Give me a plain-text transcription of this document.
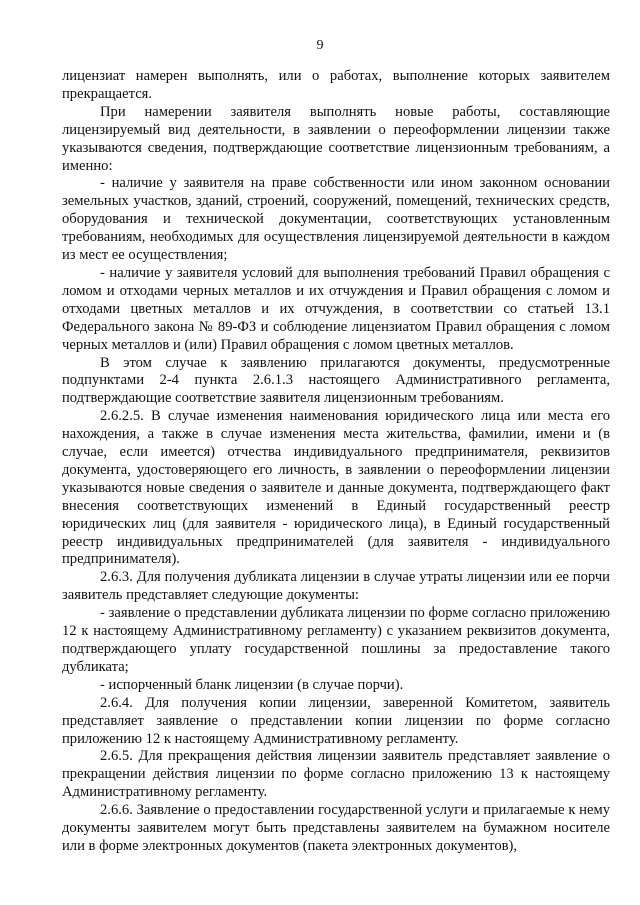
9

лицензиат намерен выполнять, или о работах, выполнение которых заявителем прекращается.

При намерении заявителя выполнять новые работы, составляющие лицензируемый вид деятельности, в заявлении о переоформлении лицензии также указываются сведения, подтверждающие соответствие лицензионным требованиям, а именно:

- наличие у заявителя на праве собственности или ином законном основании земельных участков, зданий, строений, сооружений, помещений, технических средств, оборудования и технической документации, соответствующих установленным требованиям, необходимых для осуществления лицензируемой деятельности в каждом из мест ее осуществления;

- наличие у заявителя условий для выполнения требований Правил обращения с ломом и отходами черных металлов и их отчуждения и Правил обращения с ломом и отходами цветных металлов и их отчуждения, в соответствии со статьей 13.1 Федерального закона № 89-ФЗ и соблюдение лицензиатом Правил обращения с ломом черных металлов и (или) Правил обращения с ломом цветных металлов.

В этом случае к заявлению прилагаются документы, предусмотренные подпунктами 2-4 пункта 2.6.1.3 настоящего Административного регламента, подтверждающие соответствие заявителя лицензионным требованиям.

2.6.2.5. В случае изменения наименования юридического лица или места его нахождения, а также в случае изменения места жительства, фамилии, имени и (в случае, если имеется) отчества индивидуального предпринимателя, реквизитов документа, удостоверяющего его личность, в заявлении о переоформлении лицензии указываются новые сведения о заявителе и данные документа, подтверждающего факт внесения соответствующих изменений в Единый государственный реестр юридических лиц (для заявителя - юридического лица), в Единый государственный реестр индивидуальных предпринимателей (для заявителя - индивидуального предпринимателя).

2.6.3. Для получения дубликата лицензии в случае утраты лицензии или ее порчи заявитель представляет следующие документы:

- заявление о представлении дубликата лицензии по форме согласно приложению 12 к настоящему Административному регламенту) с указанием реквизитов документа, подтверждающего уплату государственной пошлины за предоставление такого дубликата;

- испорченный бланк лицензии (в случае порчи).

2.6.4. Для получения копии лицензии, заверенной Комитетом, заявитель представляет заявление о представлении копии лицензии по форме согласно приложению 12 к настоящему Административному регламенту.

2.6.5. Для прекращения действия лицензии заявитель представляет заявление о прекращении действия лицензии по форме согласно приложению 13 к настоящему Административному регламенту.

2.6.6. Заявление о предоставлении государственной услуги и прилагаемые к нему документы заявителем могут быть представлены заявителем на бумажном носителе или в форме электронных документов (пакета электронных документов),
